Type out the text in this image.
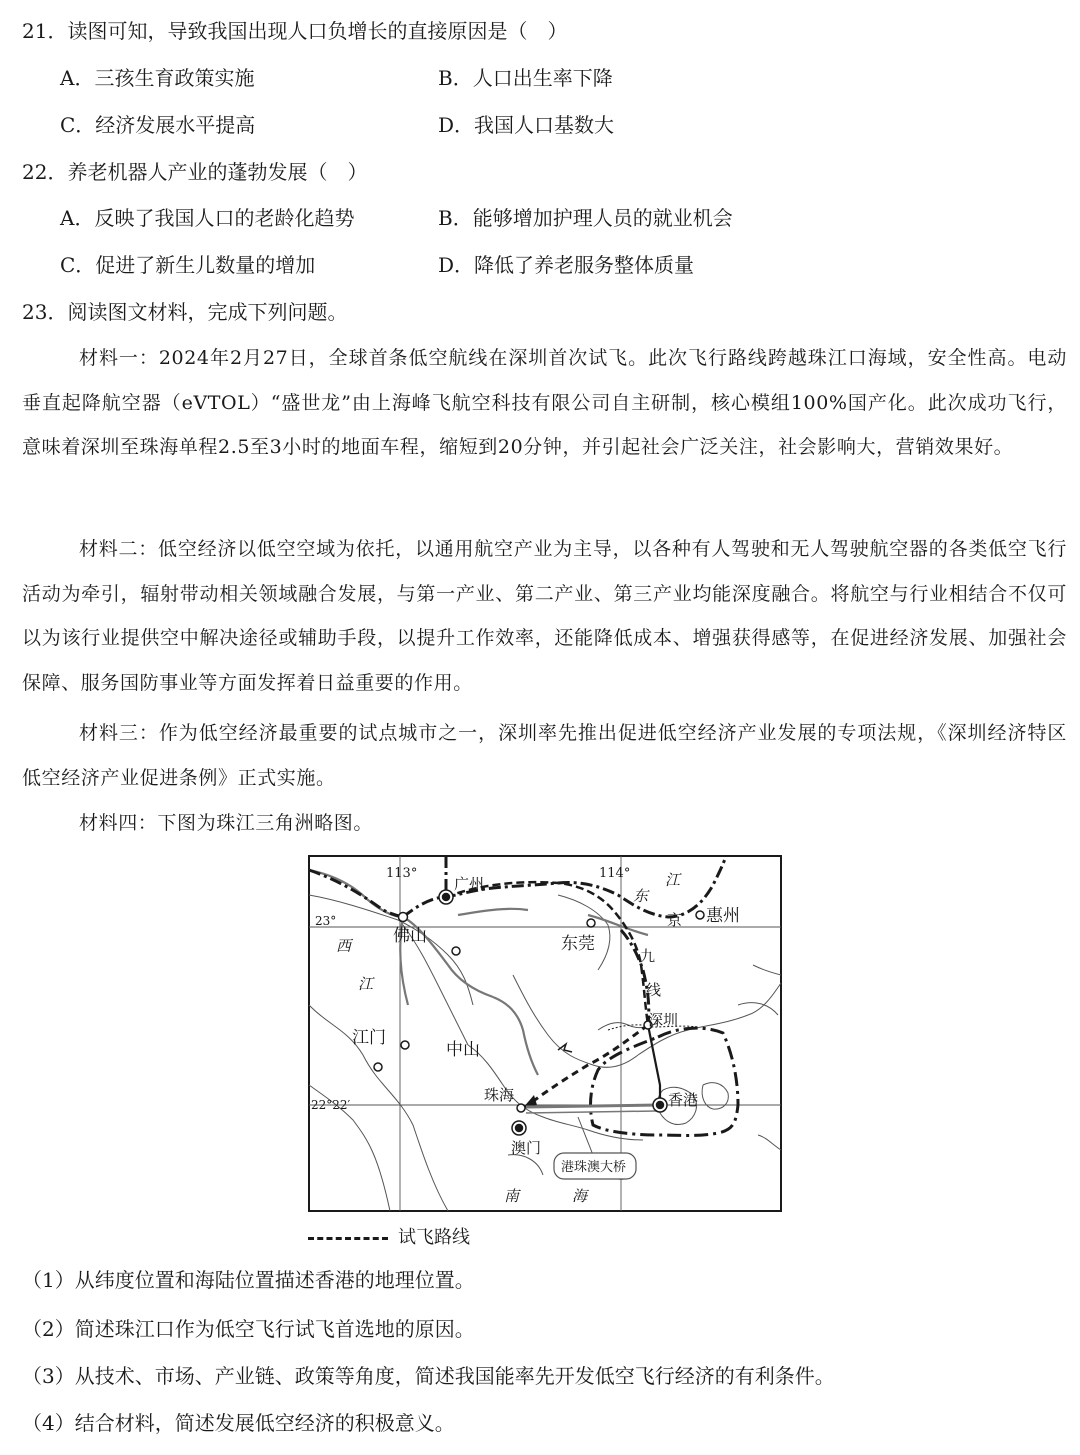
21．读图可知，导致我国出现人口负增长的直接原因是（　）
A．三孩生育政策实施	B．人口出生率下降
C．经济发展水平提高	D．我国人口基数大
22．养老机器人产业的蓬勃发展（　）
A．反映了我国人口的老龄化趋势	B．能够增加护理人员的就业机会
C．促进了新生儿数量的增加	D．降低了养老服务整体质量
23．阅读图文材料，完成下列问题。
材料一：2024年2月27日，全球首条低空航线在深圳首次试飞。此次飞行路线跨越珠江口海域，安全性高。电动垂直起降航空器（eVTOL）“盛世龙”由上海峰飞航空科技有限公司自主研制，核心模组100%国产化。此次成功飞行，意味着深圳至珠海单程2.5至3小时的地面车程，缩短到20分钟，并引起社会广泛关注，社会影响大，营销效果好。
材料二：低空经济以低空空域为依托，以通用航空产业为主导，以各种有人驾驶和无人驾驶航空器的各类低空飞行活动为牵引，辐射带动相关领域融合发展，与第一产业、第二产业、第三产业均能深度融合。将航空与行业相结合不仅可以为该行业提供空中解决途径或辅助手段，以提升工作效率，还能降低成本、增强获得感等，在促进经济发展、加强社会保障、服务国防事业等方面发挥着日益重要的作用。
材料三：作为低空经济最重要的试点城市之一，深圳率先推出促进低空经济产业发展的专项法规，《深圳经济特区低空经济产业促进条例》正式实施。
材料四：下图为珠江三角洲略图。
113°	114°
23°
22°22′
广州
佛山	东莞
惠州
江门
中山
深圳
珠海
澳门
香港
港珠澳大桥
西
江
东
江
京
九
线
南	海
试飞路线
（1）从纬度位置和海陆位置描述香港的地理位置。
（2）简述珠江口作为低空飞行试飞首选地的原因。
（3）从技术、市场、产业链、政策等角度，简述我国能率先开发低空飞行经济的有利条件。
（4）结合材料，简述发展低空经济的积极意义。
